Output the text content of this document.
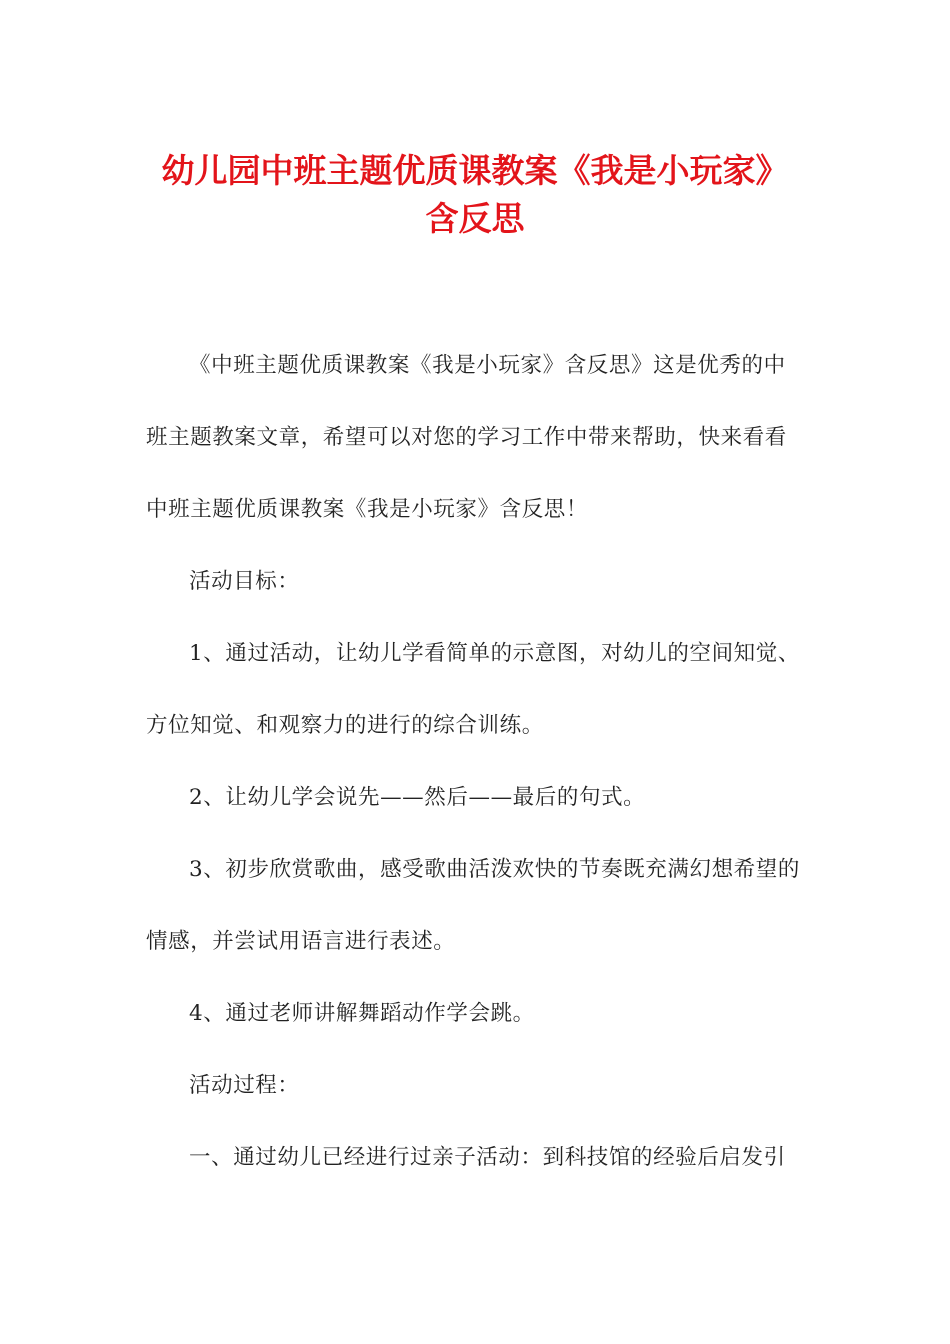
幼儿园中班主题优质课教案《我是小玩家》
含反思

《中班主题优质课教案《我是小玩家》含反思》这是优秀的中
班主题教案文章，希望可以对您的学习工作中带来帮助，快来看看
中班主题优质课教案《我是小玩家》含反思！

活动目标：

1、通过活动，让幼儿学看简单的示意图，对幼儿的空间知觉、
方位知觉、和观察力的进行的综合训练。

2、让幼儿学会说先——然后——最后的句式。

3、初步欣赏歌曲，感受歌曲活泼欢快的节奏既充满幻想希望的
情感，并尝试用语言进行表述。

4、通过老师讲解舞蹈动作学会跳。

活动过程：

一、通过幼儿已经进行过亲子活动：到科技馆的经验后启发引
